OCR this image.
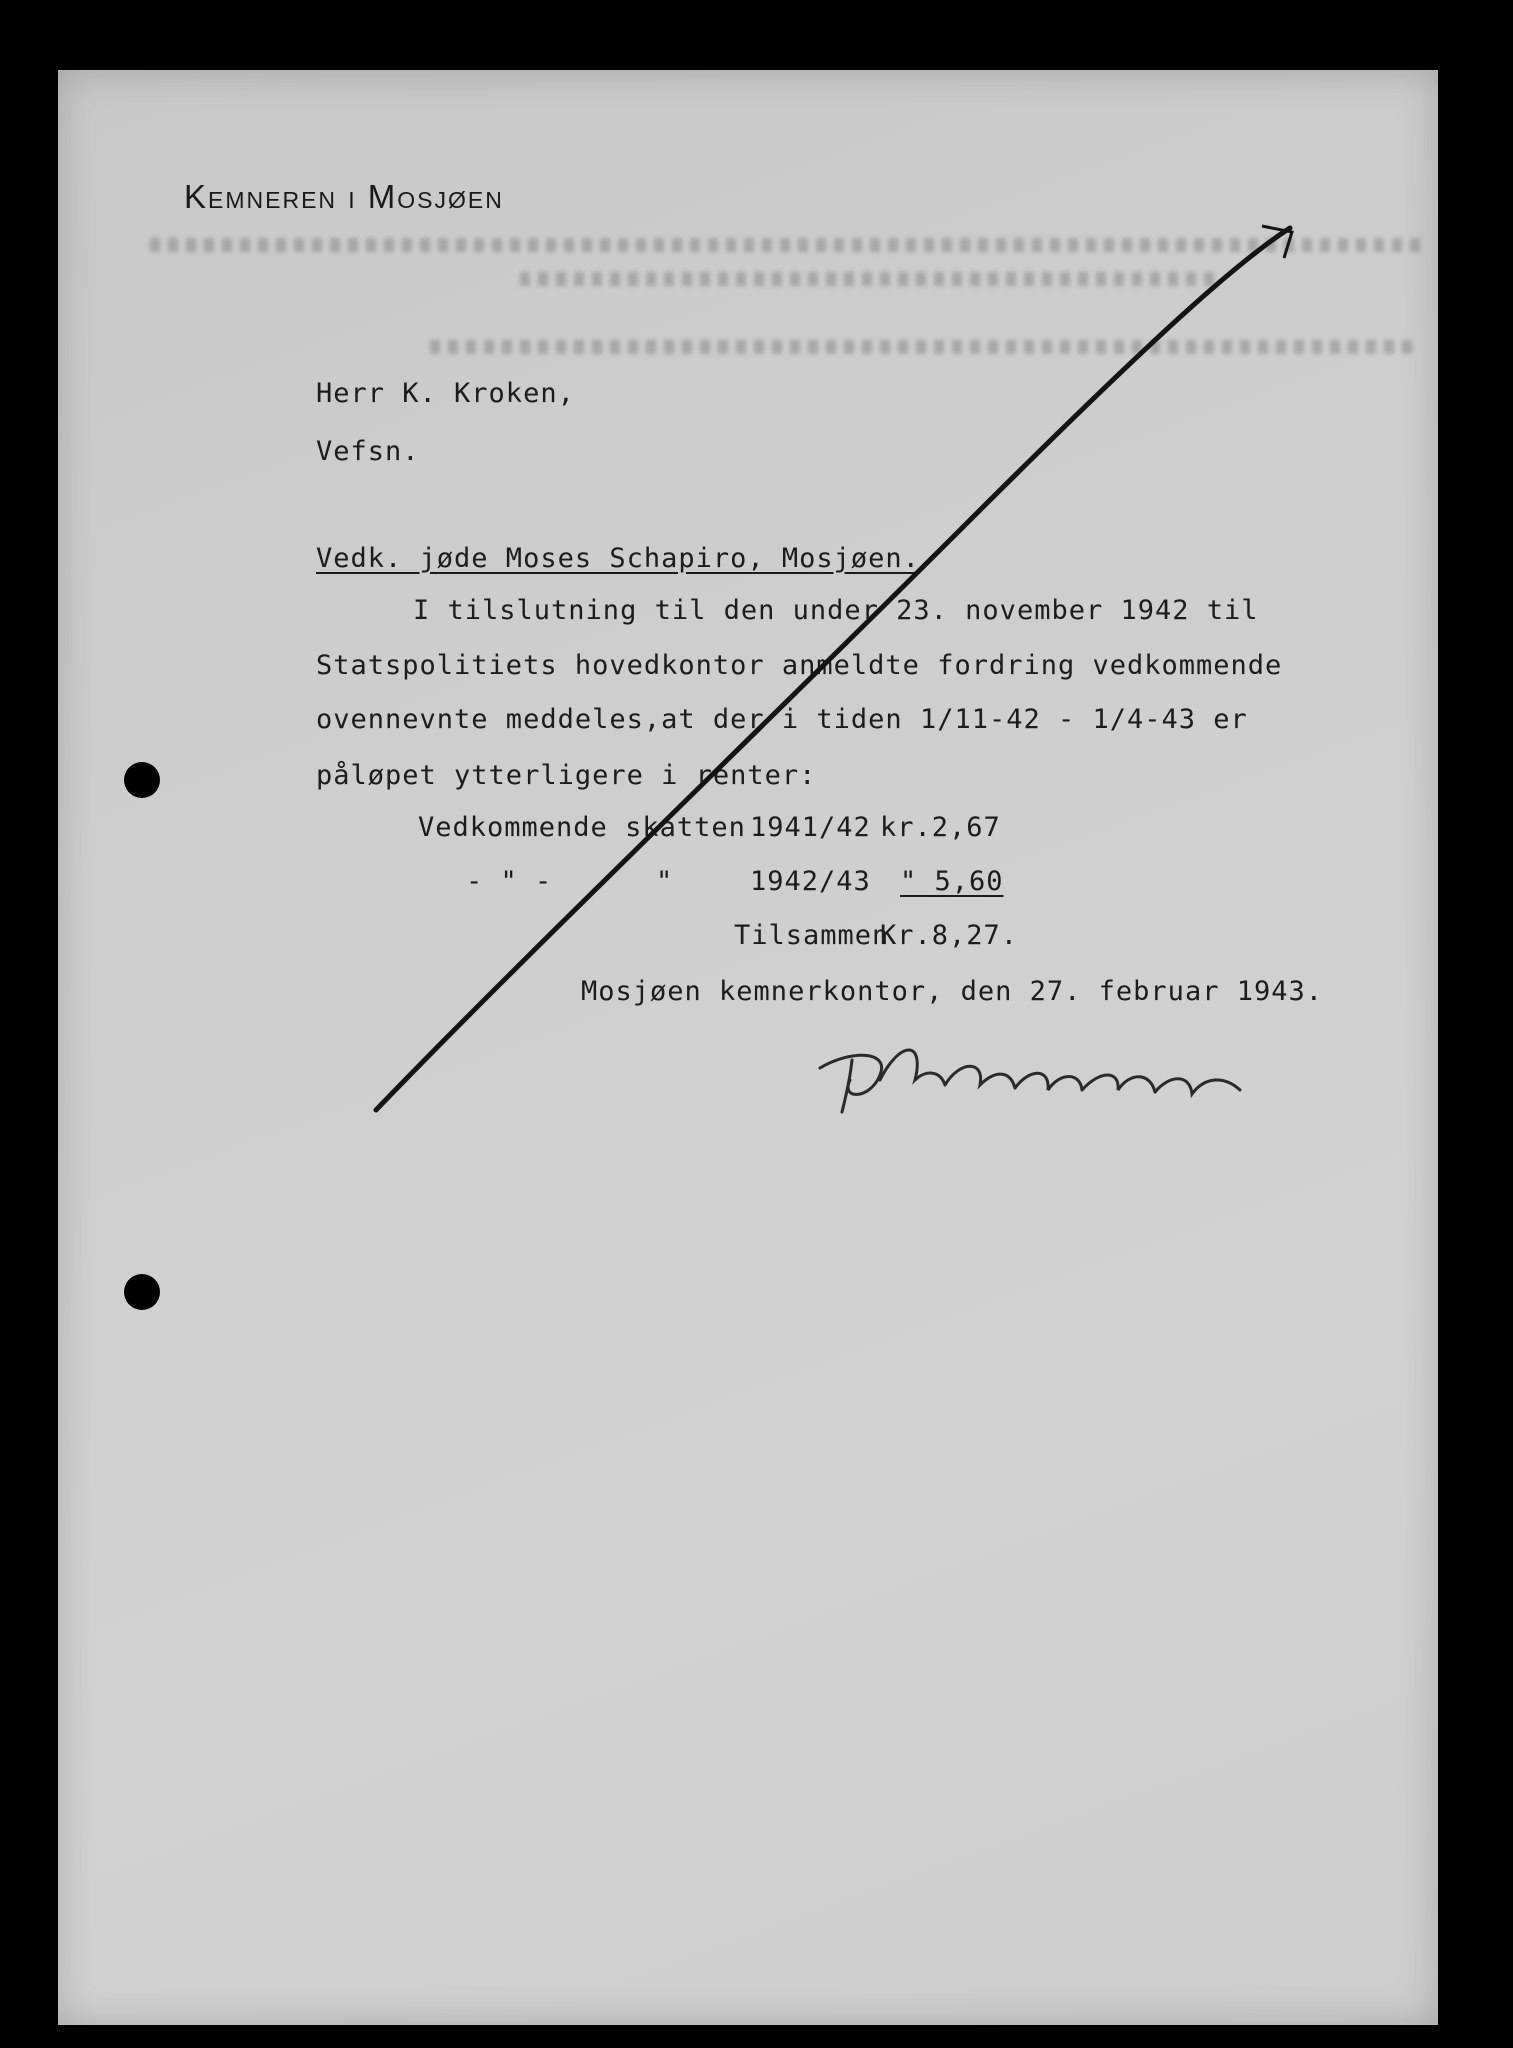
Kemneren i Mosjøen
Herr K. Kroken,
Vefsn.
Vedk. jøde Moses Schapiro, Mosjøen.
I tilslutning til den under 23. november 1942 til
Statspolitiets hovedkontor anmeldte fordring vedkommende
ovennevnte meddeles,at der i tiden 1/11-42 - 1/4-43 er
påløpet ytterligere i renter:
Vedkommende skatten 1941/42 kr.2,67
- " -	"	1942/43 " 5,60
Tilsammen
Kr.8,27.
Mosjøen kemnerkontor, den 27. februar 1943.
